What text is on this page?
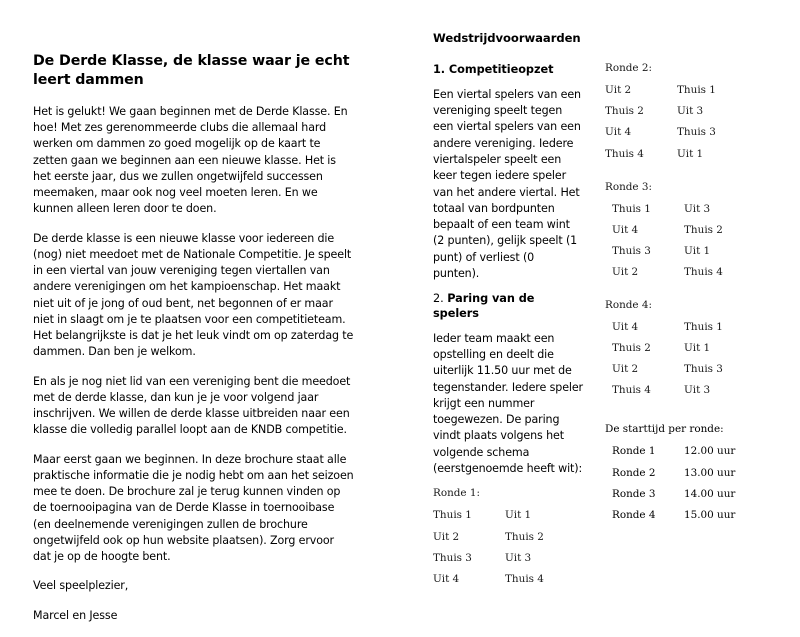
De Derde Klasse, de klasse waar je echt leert dammen

Het is gelukt! We gaan beginnen met de Derde Klasse. En hoe! Met zes gerenommeerde clubs die allemaal hard werken om dammen zo goed mogelijk op de kaart te zetten gaan we beginnen aan een nieuwe klasse. Het is het eerste jaar, dus we zullen ongetwijfeld successen meemaken, maar ook nog veel moeten leren. En we kunnen alleen leren door te doen.

De derde klasse is een nieuwe klasse voor iedereen die (nog) niet meedoet met de Nationale Competitie. Je speelt in een viertal van jouw vereniging tegen viertallen van andere verenigingen om het kampioenschap. Het maakt niet uit of je jong of oud bent, net begonnen of er maar niet in slaagt om je te plaatsen voor een competitieteam. Het belangrijkste is dat je het leuk vindt om op zaterdag te dammen. Dan ben je welkom.

En als je nog niet lid van een vereniging bent die meedoet met de derde klasse, dan kun je je voor volgend jaar inschrijven. We willen de derde klasse uitbreiden naar een klasse die volledig parallel loopt aan de KNDB competitie.

Maar eerst gaan we beginnen. In deze brochure staat alle praktische informatie die je nodig hebt om aan het seizoen mee te doen. De brochure zal je terug kunnen vinden op de toernooipagina van de Derde Klasse in toernooibase (en deelnemende verenigingen zullen de brochure ongetwijfeld ook op hun website plaatsen). Zorg ervoor dat je op de hoogte bent.

Veel speelplezier,

Marcel en Jesse

Wedstrijdvoorwaarden
1. Competitieopzet

Een viertal spelers van een vereniging speelt tegen een viertal spelers van een andere vereniging. Iedere viertalspeler speelt een keer tegen iedere speler van het andere viertal. Het totaal van bordpunten bepaalt of een team wint (2 punten), gelijk speelt (1 punt) of verliest (0 punten).

2. Paring van de spelers

Ieder team maakt een opstelling en deelt die uiterlijk 11.50 uur met de tegenstander. Iedere speler krijgt een nummer toegewezen. De paring vindt plaats volgens het volgende schema (eerstgenoemde heeft wit):

Ronde 1:
Thuis 1	Uit 1
Uit 2	Thuis 2
Thuis 3	Uit 3
Uit 4	Thuis 4
Ronde 2:
Uit 2	Thuis 1
Thuis 2	Uit 3
Uit 4	Thuis 3
Thuis 4	Uit 1
Ronde 3:
Thuis 1	Uit 3
Uit 4	Thuis 2
Thuis 3	Uit 1
Uit 2	Thuis 4
Ronde 4:
Uit 4	Thuis 1
Thuis 2	Uit 1
Uit 2	Thuis 3
Thuis 4	Uit 3
De starttijd per ronde:
Ronde 1	12.00 uur
Ronde 2	13.00 uur
Ronde 3	14.00 uur
Ronde 4	15.00 uur
